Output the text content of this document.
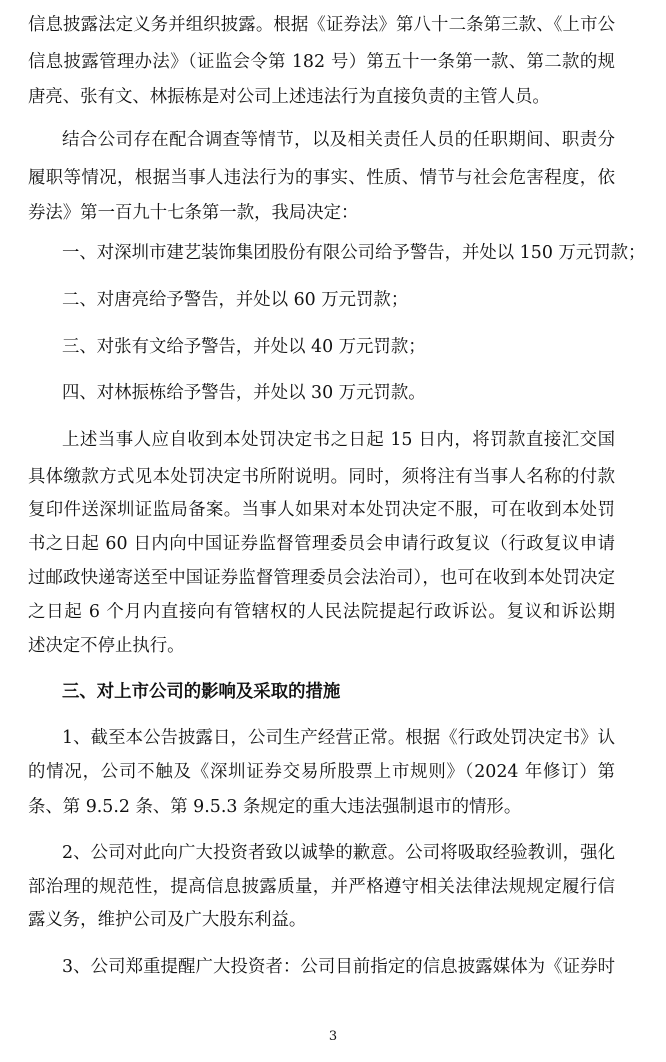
信息披露法定义务并组织披露。根据《证券法》第八十二条第三款、《上市公
信息披露管理办法》（证监会令第 182 号）第五十一条第一款、第二款的规
唐亮、张有文、林振栋是对公司上述违法行为直接负责的主管人员。
结合公司存在配合调查等情节，以及相关责任人员的任职期间、职责分
履职等情况，根据当事人违法行为的事实、性质、情节与社会危害程度，依
券法》第一百九十七条第一款，我局决定：
一、对深圳市建艺装饰集团股份有限公司给予警告，并处以 150 万元罚款；
二、对唐亮给予警告，并处以 60 万元罚款；
三、对张有文给予警告，并处以 40 万元罚款；
四、对林振栋给予警告，并处以 30 万元罚款。
上述当事人应自收到本处罚决定书之日起 15 日内，将罚款直接汇交国
具体缴款方式见本处罚决定书所附说明。同时，须将注有当事人名称的付款
复印件送深圳证监局备案。当事人如果对本处罚决定不服，可在收到本处罚
书之日起 60 日内向中国证券监督管理委员会申请行政复议（行政复议申请
过邮政快递寄送至中国证券监督管理委员会法治司），也可在收到本处罚决定
之日起 6 个月内直接向有管辖权的人民法院提起行政诉讼。复议和诉讼期
述决定不停止执行。
三、对上市公司的影响及采取的措施
1、截至本公告披露日，公司生产经营正常。根据《行政处罚决定书》认
的情况，公司不触及《深圳证券交易所股票上市规则》（2024 年修订）第
条、第 9.5.2 条、第 9.5.3 条规定的重大违法强制退市的情形。
2、公司对此向广大投资者致以诚挚的歉意。公司将吸取经验教训，强化
部治理的规范性，提高信息披露质量，并严格遵守相关法律法规规定履行信
露义务，维护公司及广大股东利益。
3、公司郑重提醒广大投资者：公司目前指定的信息披露媒体为《证券时
3
